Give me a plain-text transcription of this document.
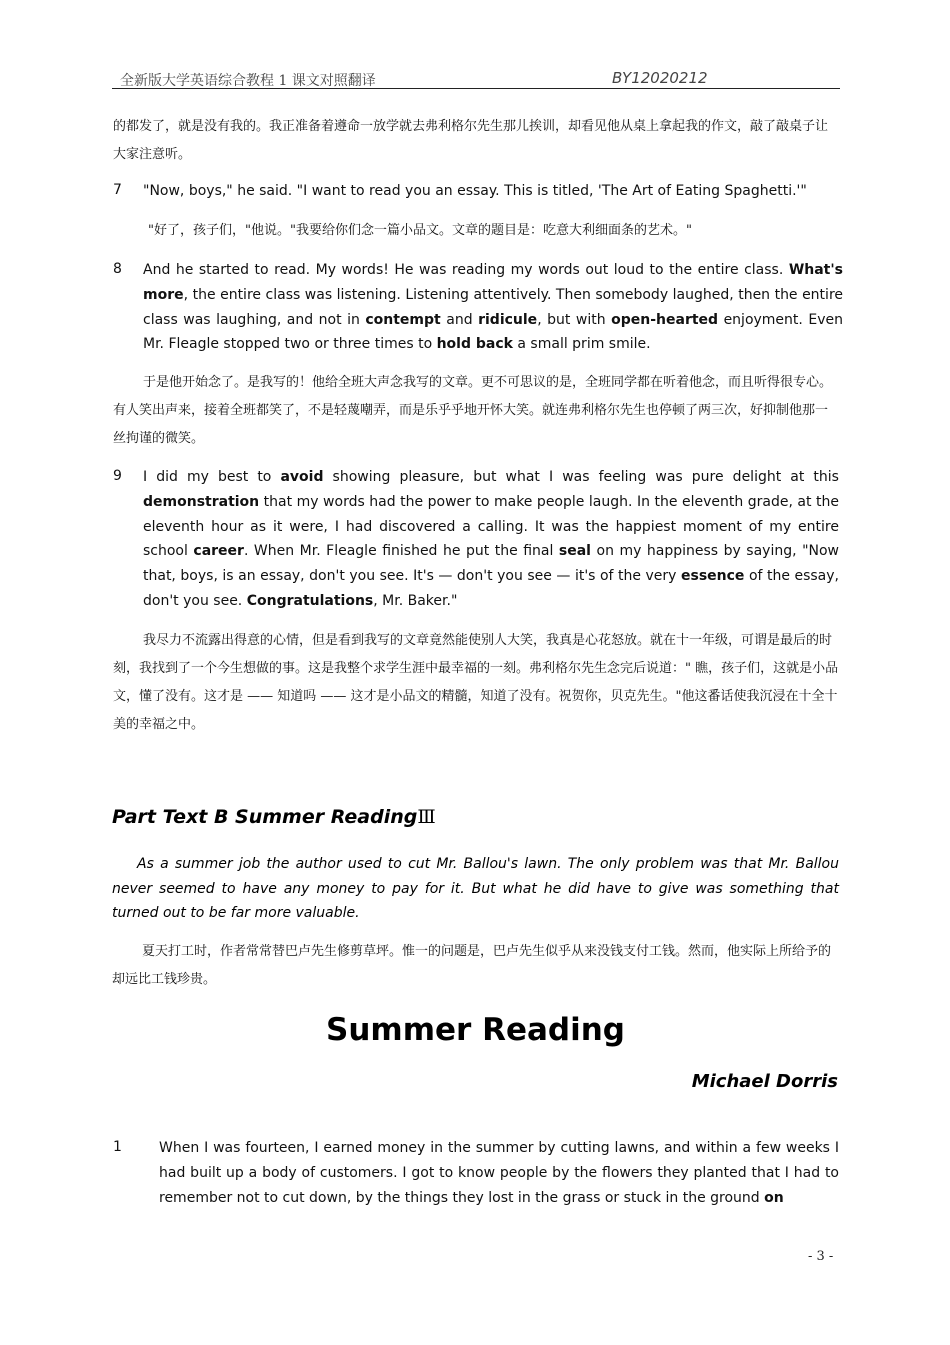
全新版大学英语综合教程 1 课文对照翻译	BY12020212
的都发了，就是没有我的。我正准备着遵命一放学就去弗利格尔先生那儿挨训，却看见他从桌上拿起我的作文，敲了敲桌子让大家注意听。
7 "Now, boys," he said. "I want to read you an essay. This is titled, 'The Art of Eating Spaghetti.'"
"好了，孩子们，"他说。"我要给你们念一篇小品文。文章的题目是：吃意大利细面条的艺术。"
8 And he started to read. My words! He was reading my words out loud to the entire class. What's more, the entire class was listening. Listening attentively. Then somebody laughed, then the entire class was laughing, and not in contempt and ridicule, but with open-hearted enjoyment. Even Mr. Fleagle stopped two or three times to hold back a small prim smile.
于是他开始念了。是我写的！他给全班大声念我写的文章。更不可思议的是，全班同学都在听着他念，而且听得很专心。有人笑出声来，接着全班都笑了，不是轻蔑嘲弄，而是乐乎乎地开怀大笑。就连弗利格尔先生也停顿了两三次，好抑制他那一丝拘谨的微笑。
9 I did my best to avoid showing pleasure, but what I was feeling was pure delight at this demonstration that my words had the power to make people laugh. In the eleventh grade, at the eleventh hour as it were, I had discovered a calling. It was the happiest moment of my entire school career. When Mr. Fleagle finished he put the final seal on my happiness by saying, "Now that, boys, is an essay, don't you see. It's — don't you see — it's of the very essence of the essay, don't you see. Congratulations, Mr. Baker."
我尽力不流露出得意的心情，但是看到我写的文章竟然能使别人大笑，我真是心花怒放。就在十一年级，可谓是最后的时刻，我找到了一个今生想做的事。这是我整个求学生涯中最幸福的一刻。弗利格尔先生念完后说道：" 瞧，孩子们，这就是小品文，懂了没有。这才是 —— 知道吗 —— 这才是小品文的精髓，知道了没有。祝贺你，贝克先生。"他这番话使我沉浸在十全十美的幸福之中。
Part Text B Summer ReadingⅢ
As a summer job the author used to cut Mr. Ballou's lawn. The only problem was that Mr. Ballou never seemed to have any money to pay for it. But what he did have to give was something that turned out to be far more valuable.
夏天打工时，作者常常替巴卢先生修剪草坪。惟一的问题是，巴卢先生似乎从来没钱支付工钱。然而，他实际上所给予的却远比工钱珍贵。
Summer Reading
Michael Dorris
1	When I was fourteen, I earned money in the summer by cutting lawns, and within a few weeks I had built up a body of customers. I got to know people by the flowers they planted that I had to remember not to cut down, by the things they lost in the grass or stuck in the ground on
- 3 -
